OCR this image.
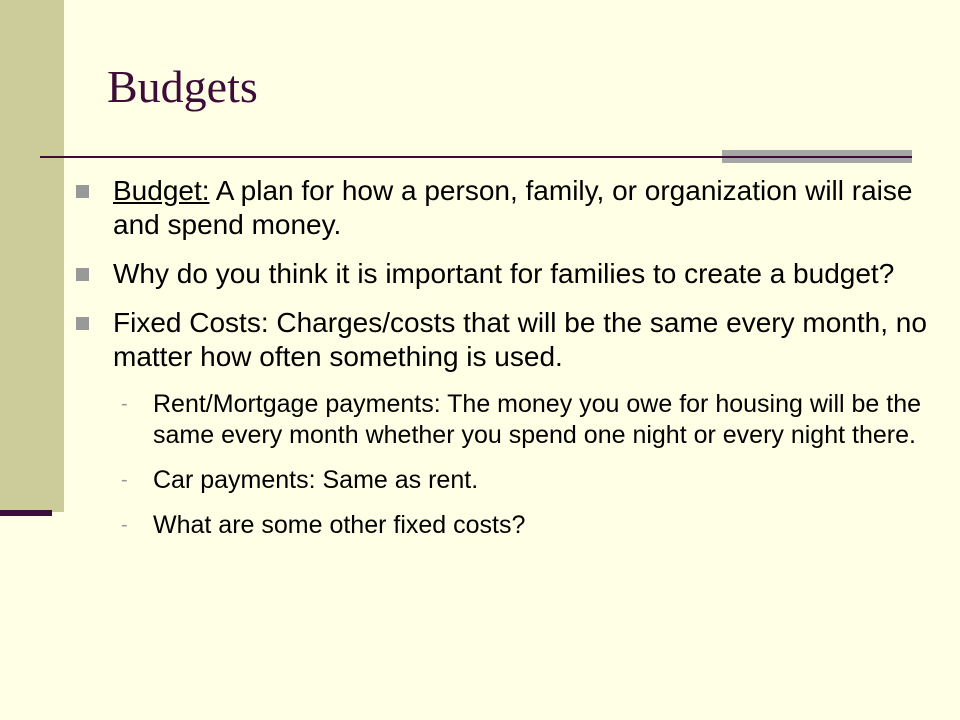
Budgets
Budget: A plan for how a person, family, or organization will raise and spend money.
Why do you think it is important for families to create a budget?
Fixed Costs: Charges/costs that will be the same every month, no matter how often something is used.
- Rent/Mortgage payments: The money you owe for housing will be the same every month whether you spend one night or every night there.
- Car payments: Same as rent.
- What are some other fixed costs?
